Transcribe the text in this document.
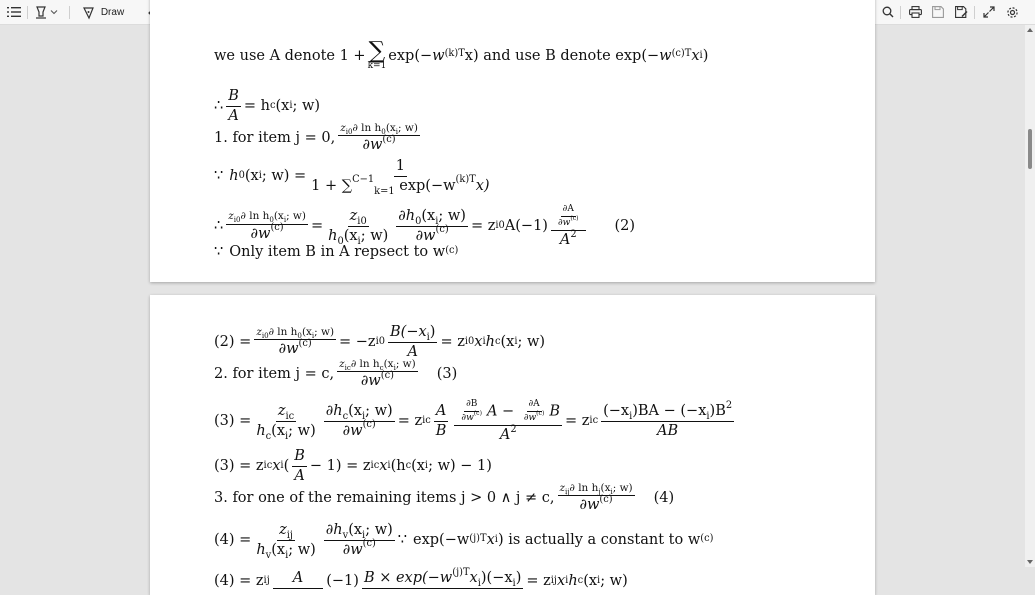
Draw
we use A denote 1 + ∑
k=1
$\exp(- w^{(k)T}$ x) and use B denote $\exp(- w^{(c)T}$ x i )
∴ $\frac{B}{A} = h$ c (x i ; w)
1. for item j = 0,
$z_{i0}\partial$ $\ln h_0(x_i$; w)
$\partial w^{(c)}$
∵ h 0 (x i ; $w) = \frac{1}{1 + \sum^{C-1}_{k=1} \exp(-w^{(k)T}x)}$
∴
$z_{i0}\partial$ $\ln h_0(x_i$; w)
$\partial w^{(c)} = \frac{z_{i0}}{h_0(x_i; w)} \frac{\partial h_0(x_i; w)}{\partial w^{(c)}} = z$ i0 $A(-1) \frac{\partial A}{\partial w^{(c)}}$
$A^2$
(2)
∵ Only item B in A repsect to $w^{(c)}$
(2) =
$z_{i0}\partial$ $\ln h_0(x_i$; w)
$\partial w^{(c)} = -z$ $i0 \frac{B(-x_i)}{A} = z$ i0 x i h c (x i ; w)
2. for item j = c,
$z_{ic}\partial$ $\ln h_c(x_i$; w)
$\partial w^{(c)}$	(3)
(3) =
$z_{ic}$
$h_c(x_i$; $w) \frac{\partial h_c(x_i; w)}{\partial w^{(c)}} = z$ ic $\frac{A}{B} \frac{\frac{\partial B}{\partial w^{(c)}} A - \frac{\partial A}{\partial w^{(c)}} B}{A^2} = z$ ic $\frac{(-x_i)BA - (-x_i)B^2}{AB}$
(3) = z ic x i ( $\frac{B}{A} - 1) = z$ ic x i (h c (x i ; w) − 1)
3. for one of the remaining items j > 0 ∧ j ≠ c,
$z_{ij}\partial$ $\ln h_j(x_i$; w)
$\partial w^{(c)}$	(4)
(4) =
$z_{ij}$
$h_v(x_i$; $w) \frac{\partial h_v(x_i; w)}{\partial w^{(c)}}$ ∵ $\exp(-w^{(j)T}$ x i ) is actually a constant to $w^{(c)}$
(4) = z ij	A	(−1) $B \times \exp(-w^{(j)T}x_i)(-x_i) = z$ ij x i h c (x i ; w)
